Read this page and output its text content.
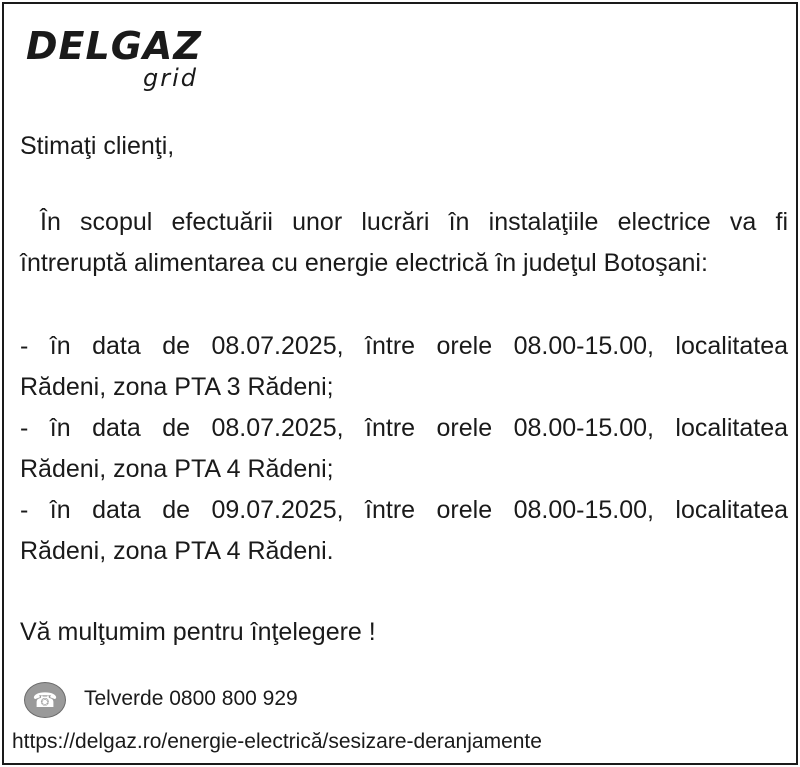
DELGAZ
grid
Stimaţi clienţi,
În scopul efectuării unor lucrări în instalaţiile electrice va fi
întreruptă alimentarea cu energie electrică în judeţul Botoşani:
- în data de 08.07.2025, între orele 08.00-15.00, localitatea
Rădeni, zona PTA 3 Rădeni;
- în data de 08.07.2025, între orele 08.00-15.00, localitatea
Rădeni, zona PTA 4 Rădeni;
- în data de 09.07.2025, între orele 08.00-15.00, localitatea
Rădeni, zona PTA 4 Rădeni.
Vă mulţumim pentru înţelegere !
☎	Telverde 0800 800 929
https://delgaz.ro/energie-electrică/sesizare-deranjamente
